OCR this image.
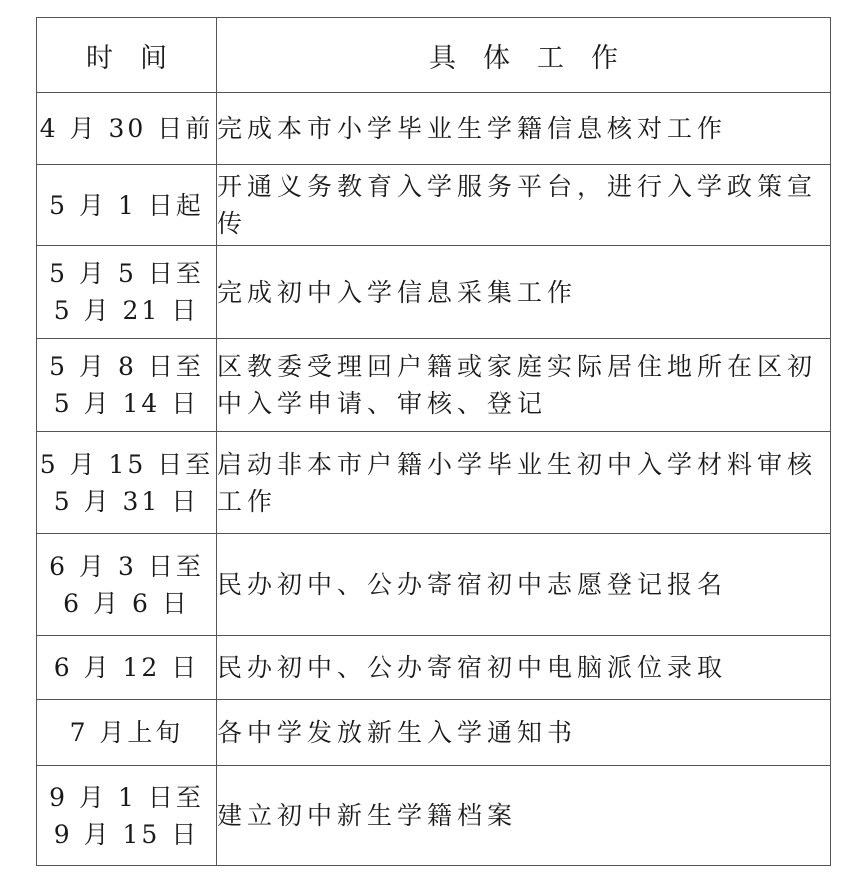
时　间	具　体　工　作

4 月 30 日前	完成本市小学毕业生学籍信息核对工作

5 月 1 日起	开通义务教育入学服务平台，进行入学政策宣传

5 月 5 日至
5 月 21 日	完成初中入学信息采集工作

5 月 8 日至
5 月 14 日	区教委受理回户籍或家庭实际居住地所在区初中入学申请、审核、登记

5 月 15 日至
5 月 31 日	启动非本市户籍小学毕业生初中入学材料审核工作

6 月 3 日至
6 月 6 日	民办初中、公办寄宿初中志愿登记报名

6 月 12 日	民办初中、公办寄宿初中电脑派位录取

7 月上旬	各中学发放新生入学通知书

9 月 1 日至
9 月 15 日	建立初中新生学籍档案
